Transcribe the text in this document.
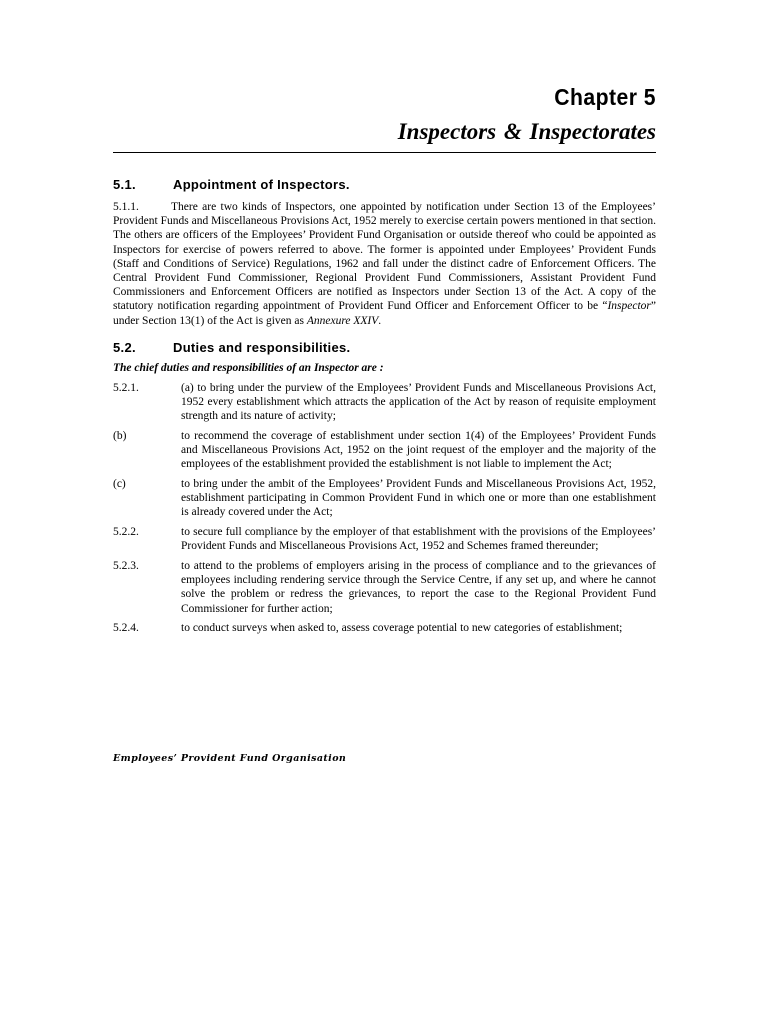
Chapter 5
Inspectors & Inspectorates
5.1.	Appointment of Inspectors.

5.1.1.	There are two kinds of Inspectors, one appointed by notification under Section 13 of the Employees’ Provident Funds and Miscellaneous Provisions Act, 1952 merely to exercise certain powers mentioned in that section. The others are officers of the Employees’ Provident Fund Organisation or outside thereof who could be appointed as Inspectors for exercise of powers referred to above. The former is appointed under Employees’ Provident Funds (Staff and Conditions of Service) Regulations, 1962 and fall under the distinct cadre of Enforcement Officers. The Central Provident Fund Commissioner, Regional Provident Fund Commissioners, Assistant Provident Fund Commissioners and Enforcement Officers are notified as Inspectors under Section 13 of the Act. A copy of the statutory notification regarding appointment of Provident Fund Officer and Enforcement Officer to be “Inspector” under Section 13(1) of the Act is given as Annexure XXIV.

5.2.	Duties and responsibilities.

The chief duties and responsibilities of an Inspector are :

5.2.1.	(a) to bring under the purview of the Employees’ Provident Funds and Miscellaneous Provisions Act, 1952 every establishment which attracts the application of the Act by reason of requisite employment strength and its nature of activity;
(b)	to recommend the coverage of establishment under section 1(4) of the Employees’ Provident Funds and Miscellaneous Provisions Act, 1952 on the joint request of the employer and the majority of the employees of the establishment provided the establishment is not liable to implement the Act;
(c)	to bring under the ambit of the Employees’ Provident Funds and Miscellaneous Provisions Act, 1952, establishment participating in Common Provident Fund in which one or more than one establishment is already covered under the Act;
5.2.2.	to secure full compliance by the employer of that establishment with the provisions of the Employees’ Provident Funds and Miscellaneous Provisions Act, 1952 and Schemes framed thereunder;
5.2.3.	to attend to the problems of employers arising in the process of compliance and to the grievances of employees including rendering service through the Service Centre, if any set up, and where he cannot solve the problem or redress the grievances, to report the case to the Regional Provident Fund Commissioner for further action;
5.2.4.	to conduct surveys when asked to, assess coverage potential to new categories of establishment;
Employees’ Provident Fund Organisation
